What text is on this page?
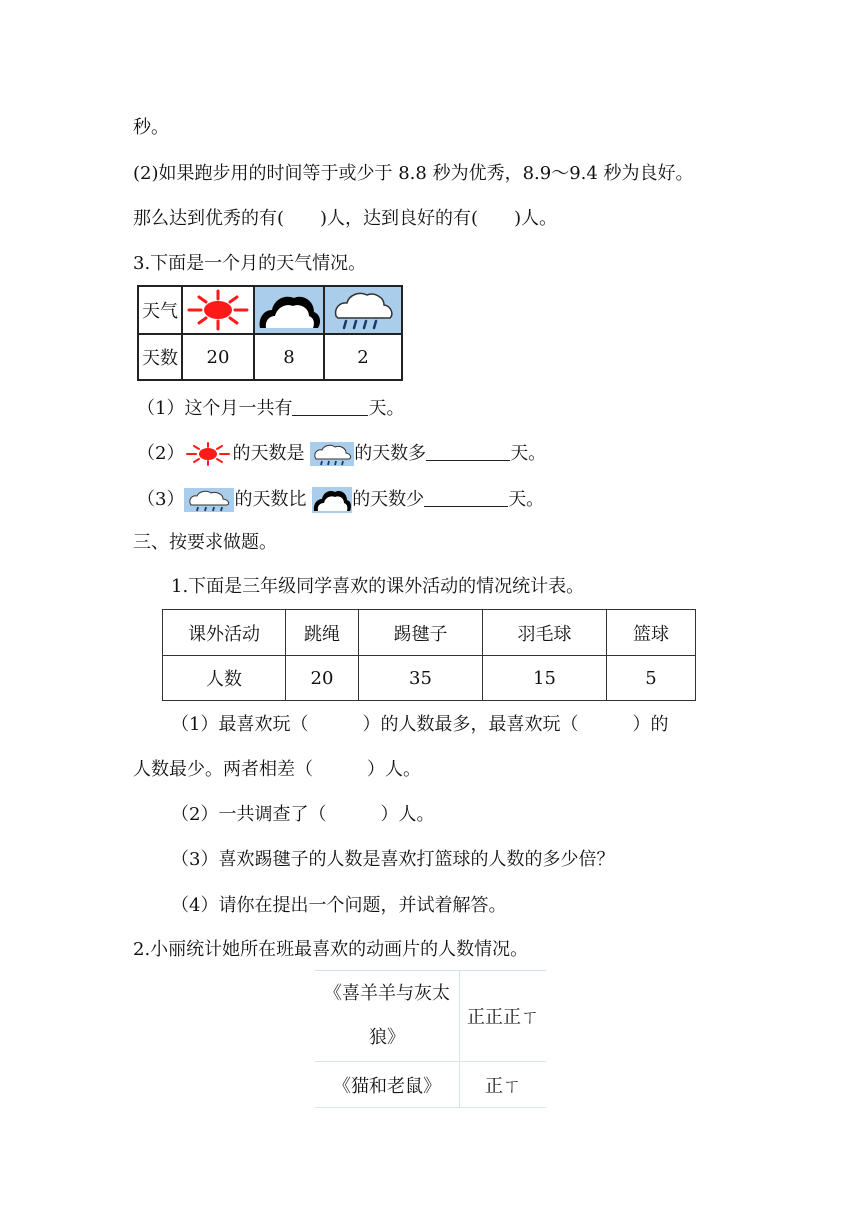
秒。
(2)如果跑步用的时间等于或少于 8.8 秒为优秀，8.9～9.4 秒为良好。
那么达到优秀的有(　　)人，达到良好的有(　　)人。
3.下面是一个月的天气情况。
天气			
天数	20	8	2
（1）这个月一共有	天。
（2）	的天数是	的天数多	天。
（3）	的天数比	的天数少	天。
三、按要求做题。
1.下面是三年级同学喜欢的课外活动的情况统计表。
课外活动	跳绳	踢毽子	羽毛球	篮球
人数	20	35	15	5
（1）最喜欢玩（　　　）的人数最多，最喜欢玩（　　　）的
人数最少。两者相差（　　　）人。
（2）一共调查了（　　　）人。
（3）喜欢踢毽子的人数是喜欢打篮球的人数的多少倍？
（4）请你在提出一个问题，并试着解答。
2.小丽统计她所在班最喜欢的动画片的人数情况。
《喜羊羊与灰太
狼》	正正正ㄒ
《猫和老鼠》	正ㄒ
